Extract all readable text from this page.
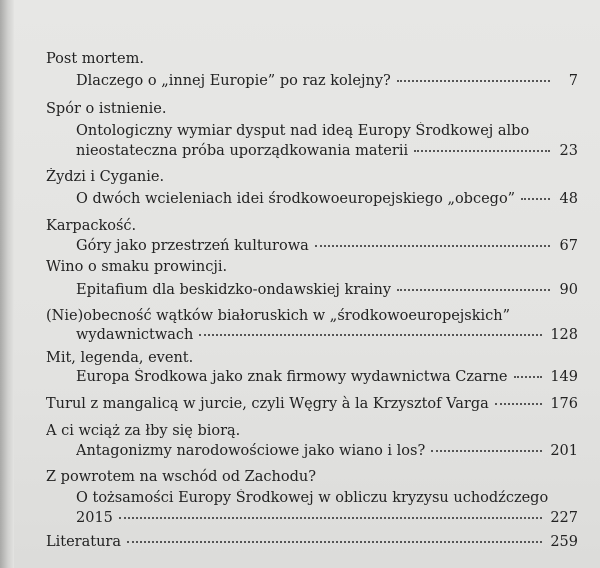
Post mortem.
Dlaczego o „innej Europie” po raz kolejny?	7
Spór o istnienie.
Ontologiczny wymiar dysput nad ideą Europy Środkowej albo
nieostateczna próba uporządkowania materii	23
Żydzi i Cyganie.
O dwóch wcieleniach idei środkowoeuropejskiego „obcego”	48
Karpackość.
Góry jako przestrzeń kulturowa	67
Wino o smaku prowincji.
Epitafium dla beskidzko-ondawskiej krainy	90
(Nie)obecność wątków białoruskich w „środkowoeuropejskich”
wydawnictwach	128
Mit, legenda, event.
Europa Środkowa jako znak firmowy wydawnictwa Czarne	149
Turul z mangalicą w jurcie, czyli Węgry à la Krzysztof Varga	176
A ci wciąż za łby się biorą.
Antagonizmy narodowościowe jako wiano i los?	201
Z powrotem na wschód od Zachodu?
O tożsamości Europy Środkowej w obliczu kryzysu uchodźczego
2015	227
Literatura	259
